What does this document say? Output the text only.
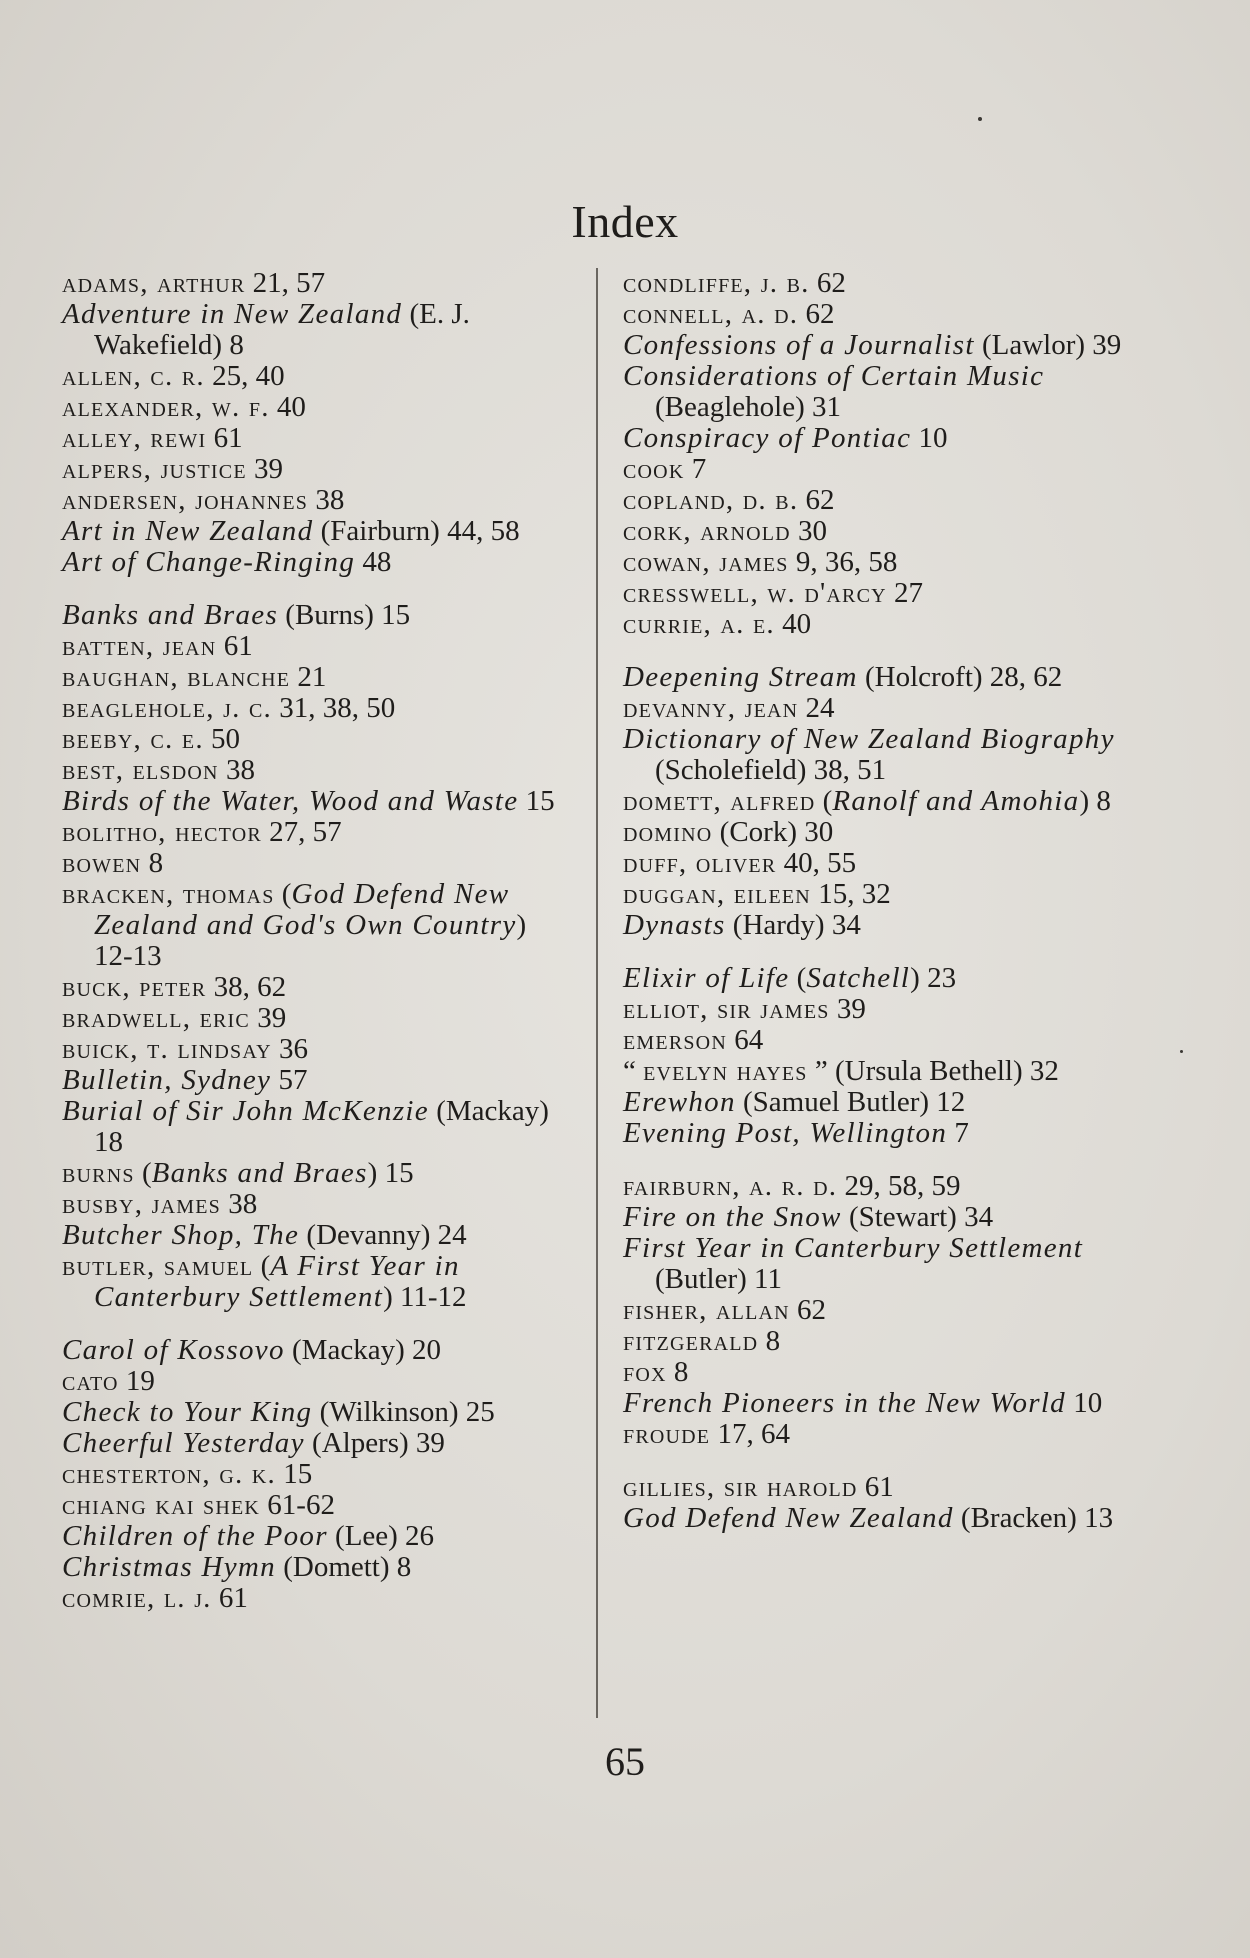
Index

adams, arthur 21, 57

Adventure in New Zealand (E. J. Wakefield) 8

allen, c. r. 25, 40

alexander, w. f. 40

alley, rewi 61

alpers, justice 39

andersen, johannes 38

Art in New Zealand (Fairburn) 44, 58

Art of Change-Ringing 48

Banks and Braes (Burns) 15

batten, jean 61

baughan, blanche 21

beaglehole, j. c. 31, 38, 50

beeby, c. e. 50

best, elsdon 38

Birds of the Water, Wood and Waste 15

bolitho, hector 27, 57

bowen 8

bracken, thomas (God Defend New Zealand and God's Own Country) 12-13

buck, peter 38, 62

bradwell, eric 39

buick, t. lindsay 36

Bulletin, Sydney 57

Burial of Sir John McKenzie (Mackay) 18

burns (Banks and Braes) 15

busby, james 38

Butcher Shop, The (Devanny) 24

butler, samuel (A First Year in Canterbury Settlement) 11-12

Carol of Kossovo (Mackay) 20

cato 19

Check to Your King (Wilkinson) 25

Cheerful Yesterday (Alpers) 39

chesterton, g. k. 15

chiang kai shek 61-62

Children of the Poor (Lee) 26

Christmas Hymn (Domett) 8

comrie, l. j. 61

condliffe, j. b. 62

connell, a. d. 62

Confessions of a Journalist (Lawlor) 39

Considerations of Certain Music (Beaglehole) 31

Conspiracy of Pontiac 10

cook 7

copland, d. b. 62

cork, arnold 30

cowan, james 9, 36, 58

cresswell, w. d'arcy 27

currie, a. e. 40

Deepening Stream (Holcroft) 28, 62

devanny, jean 24

Dictionary of New Zealand Biography (Scholefield) 38, 51

domett, alfred (Ranolf and Amohia) 8

domino (Cork) 30

duff, oliver 40, 55

duggan, eileen 15, 32

Dynasts (Hardy) 34

Elixir of Life (Satchell) 23

elliot, sir james 39

emerson 64

“ evelyn hayes ” (Ursula Bethell) 32

Erewhon (Samuel Butler) 12

Evening Post, Wellington 7

fairburn, a. r. d. 29, 58, 59

Fire on the Snow (Stewart) 34

First Year in Canterbury Settlement (Butler) 11

fisher, allan 62

fitzgerald 8

fox 8

French Pioneers in the New World 10

froude 17, 64

gillies, sir harold 61

God Defend New Zealand (Bracken) 13

65
